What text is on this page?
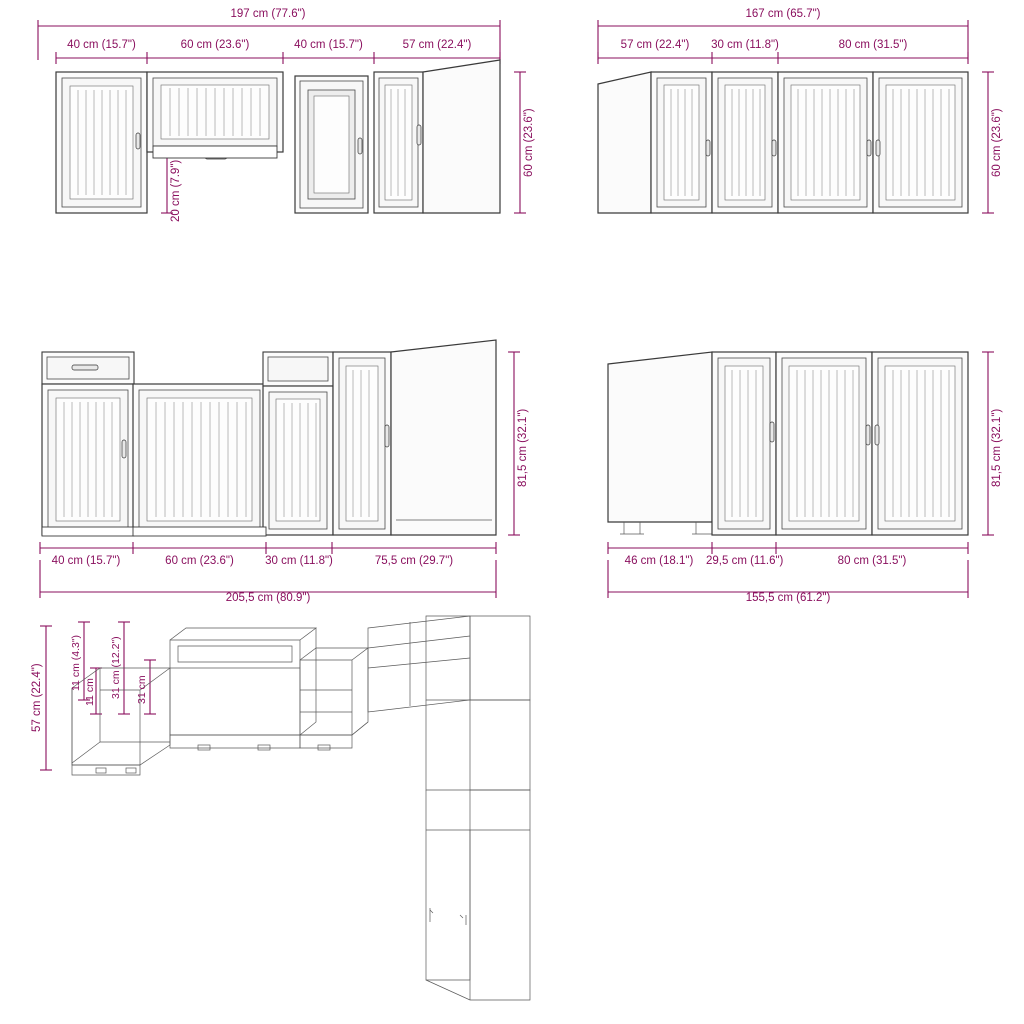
197 cm (77.6")
40 cm (15.7")	60 cm (23.6")	40 cm (15.7")	57 cm (22.4")
60 cm (23.6")
20 cm (7.9")
167 cm (65.7")
57 cm (22.4")	30 cm (11.8")	80 cm (31.5")
60 cm (23.6")
81,5 cm (32.1")
40 cm (15.7")	60 cm (23.6")	30 cm (11.8")	75,5 cm (29.7")
205,5 cm (80.9")
81,5 cm (32.1")
46 cm (18.1")	29,5 cm (11.6")	80 cm (31.5")
155,5 cm (61.2")
57 cm (22.4")
11 cm (4.3")	31 cm (12.2")
11 cm	31 cm
